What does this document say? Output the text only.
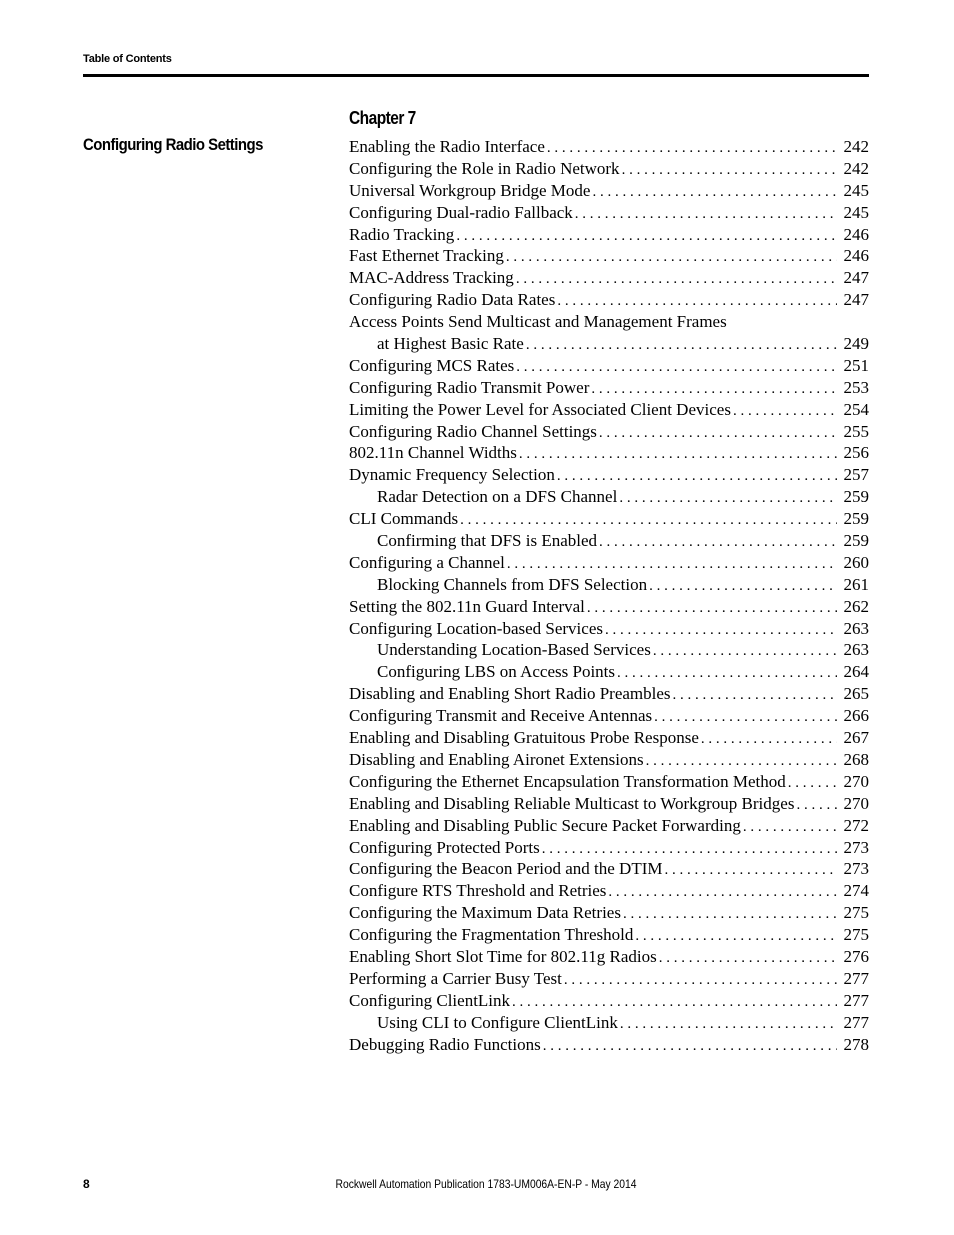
Table of Contents
Configuring Radio Settings
Chapter 7
Enabling the Radio Interface . . .	242
Configuring the Role in Radio Network . . .	242
Universal Workgroup Bridge Mode . . .	245
Configuring Dual-radio Fallback . . .	245
Radio Tracking . . .	246
Fast Ethernet Tracking . . .	246
MAC-Address Tracking . . .	247
Configuring Radio Data Rates . . .	247
Access Points Send Multicast and Management Frames
at Highest Basic Rate . . .	249
Configuring MCS Rates . . .	251
Configuring Radio Transmit Power . . .	253
Limiting the Power Level for Associated Client Devices . . .	254
Configuring Radio Channel Settings . . .	255
802.11n Channel Widths . . .	256
Dynamic Frequency Selection . . .	257
Radar Detection on a DFS Channel . . .	259
CLI Commands . . .	259
Confirming that DFS is Enabled . . .	259
Configuring a Channel . . .	260
Blocking Channels from DFS Selection . . .	261
Setting the 802.11n Guard Interval . . .	262
Configuring Location-based Services . . .	263
Understanding Location-Based Services . . .	263
Configuring LBS on Access Points . . .	264
Disabling and Enabling Short Radio Preambles . . .	265
Configuring Transmit and Receive Antennas . . .	266
Enabling and Disabling Gratuitous Probe Response . . .	267
Disabling and Enabling Aironet Extensions . . .	268
Configuring the Ethernet Encapsulation Transformation Method . . .	270
Enabling and Disabling Reliable Multicast to Workgroup Bridges . . .	270
Enabling and Disabling Public Secure Packet Forwarding . . .	272
Configuring Protected Ports . . .	273
Configuring the Beacon Period and the DTIM . . .	273
Configure RTS Threshold and Retries . . .	274
Configuring the Maximum Data Retries . . .	275
Configuring the Fragmentation Threshold . . .	275
Enabling Short Slot Time for 802.11g Radios . . .	276
Performing a Carrier Busy Test . . .	277
Configuring ClientLink . . .	277
Using CLI to Configure ClientLink . . .	277
Debugging Radio Functions . . .	278
8	Rockwell Automation Publication 1783-UM006A-EN-P - May 2014
